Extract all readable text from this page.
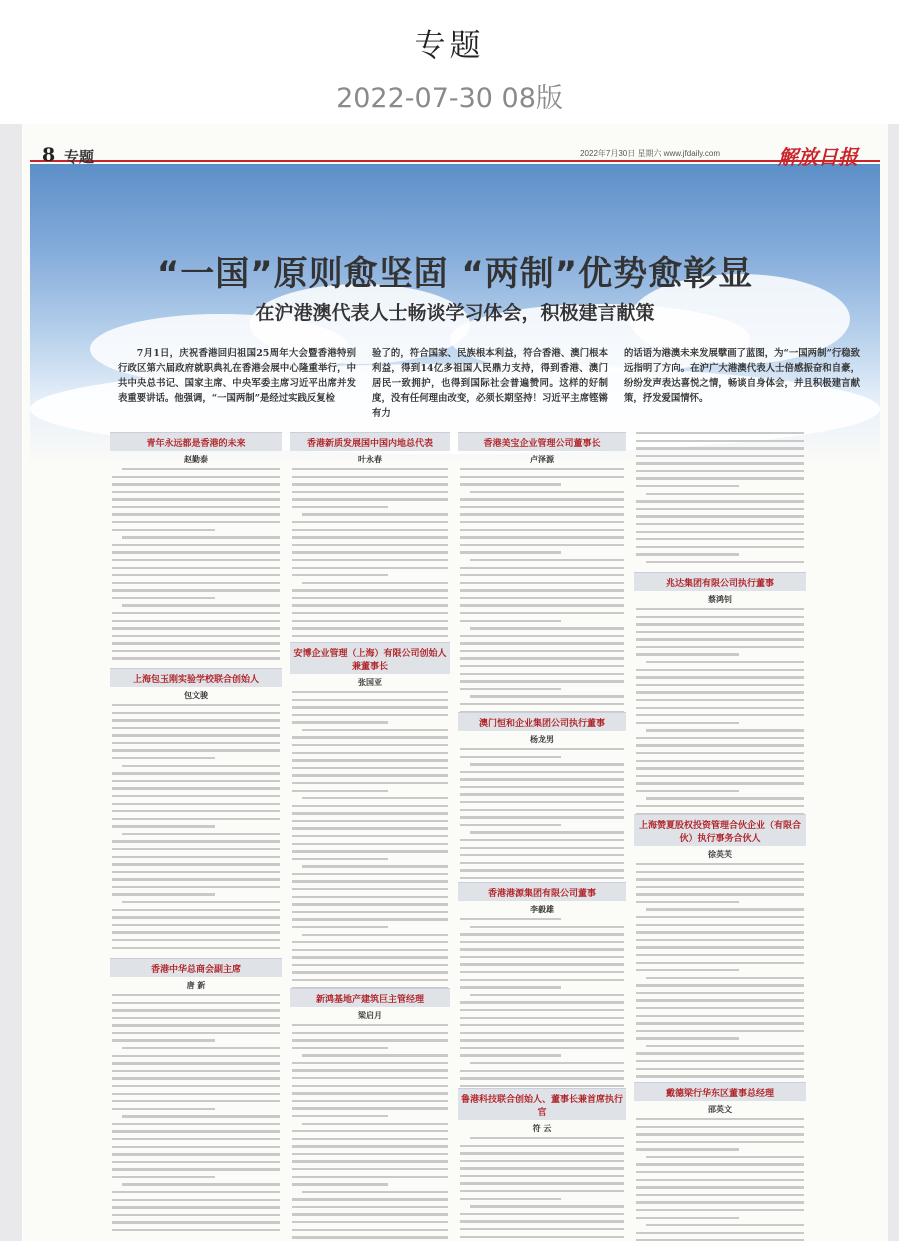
专题
2022-07-30 08版
8 专题	2022年7月30日 星期六 www.jfdaily.com	解放日报
“一国”原则愈坚固 “两制”优势愈彰显
在沪港澳代表人士畅谈学习体会，积极建言献策
7月1日，庆祝香港回归祖国25周年大会暨香港特别行政区第六届政府就职典礼在香港会展中心隆重举行，中共中央总书记、国家主席、中央军委主席习近平出席并发表重要讲话。他强调，“一国两制”是经过实践反复检
验了的，符合国家、民族根本利益，符合香港、澳门根本利益，得到14亿多祖国人民鼎力支持，得到香港、澳门居民一致拥护，也得到国际社会普遍赞同。这样的好制度，没有任何理由改变，必须长期坚持！习近平主席铿锵有力
的话语为港澳未来发展擘画了蓝图，为“一国两制”行稳致远指明了方向。在沪广大港澳代表人士倍感振奋和自豪，纷纷发声表达喜悦之情，畅谈自身体会，并且积极建言献策，抒发爱国情怀。
青年永远都是香港的未来
赵勤泰
上海包玉刚实验学校联合创始人
包文骏
香港中华总商会副主席
唐 新
香港新质发展国中国内地总代表
叶永春
安博企业管理（上海）有限公司创始人兼董事长
张国亚
新鸿基地产建筑巨主管经理
梁启月
香港美宝企业管理公司董事长
卢泽源
澳门恒和企业集团公司执行董事
杨龙男
香港港源集团有限公司董事
李毅雄
鲁港科技联合创始人、董事长兼首席执行官
符 云
兆达集团有限公司执行董事
蔡鸿钊
上海赞夏股权投资管理合伙企业（有限合伙）执行事务合伙人
徐英芙
戴德梁行华东区董事总经理
邵英文
